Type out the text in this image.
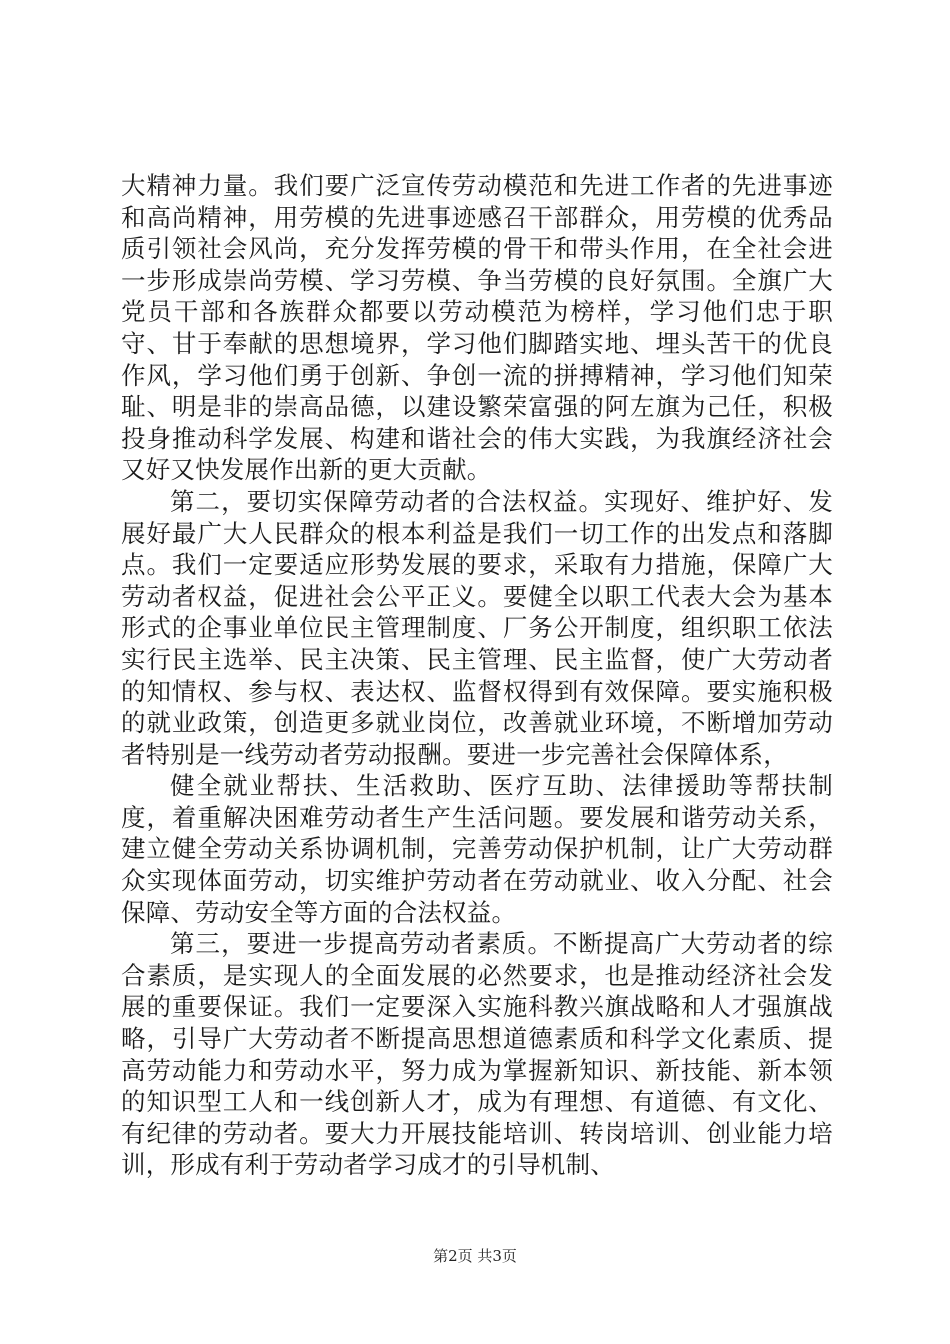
大精神力量。我们要广泛宣传劳动模范和先进工作者的先进事迹和高尚精神，用劳模的先进事迹感召干部群众，用劳模的优秀品质引领社会风尚，充分发挥劳模的骨干和带头作用，在全社会进一步形成崇尚劳模、学习劳模、争当劳模的良好氛围。全旗广大党员干部和各族群众都要以劳动模范为榜样，学习他们忠于职守、甘于奉献的思想境界，学习他们脚踏实地、埋头苦干的优良作风，学习他们勇于创新、争创一流的拼搏精神，学习他们知荣耻、明是非的崇高品德，以建设繁荣富强的阿左旗为己任，积极投身推动科学发展、构建和谐社会的伟大实践，为我旗经济社会又好又快发展作出新的更大贡献。

第二，要切实保障劳动者的合法权益。实现好、维护好、发展好最广大人民群众的根本利益是我们一切工作的出发点和落脚点。我们一定要适应形势发展的要求，采取有力措施，保障广大劳动者权益，促进社会公平正义。要健全以职工代表大会为基本形式的企事业单位民主管理制度、厂务公开制度，组织职工依法实行民主选举、民主决策、民主管理、民主监督，使广大劳动者的知情权、参与权、表达权、监督权得到有效保障。要实施积极的就业政策，创造更多就业岗位，改善就业环境，不断增加劳动者特别是一线劳动者劳动报酬。要进一步完善社会保障体系，

健全就业帮扶、生活救助、医疗互助、法律援助等帮扶制度，着重解决困难劳动者生产生活问题。要发展和谐劳动关系，建立健全劳动关系协调机制，完善劳动保护机制，让广大劳动群众实现体面劳动，切实维护劳动者在劳动就业、收入分配、社会保障、劳动安全等方面的合法权益。

第三，要进一步提高劳动者素质。不断提高广大劳动者的综合素质，是实现人的全面发展的必然要求，也是推动经济社会发展的重要保证。我们一定要深入实施科教兴旗战略和人才强旗战略，引导广大劳动者不断提高思想道德素质和科学文化素质、提高劳动能力和劳动水平，努力成为掌握新知识、新技能、新本领的知识型工人和一线创新人才，成为有理想、有道德、有文化、有纪律的劳动者。要大力开展技能培训、转岗培训、创业能力培训，形成有利于劳动者学习成才的引导机制、

第2页 共3页
